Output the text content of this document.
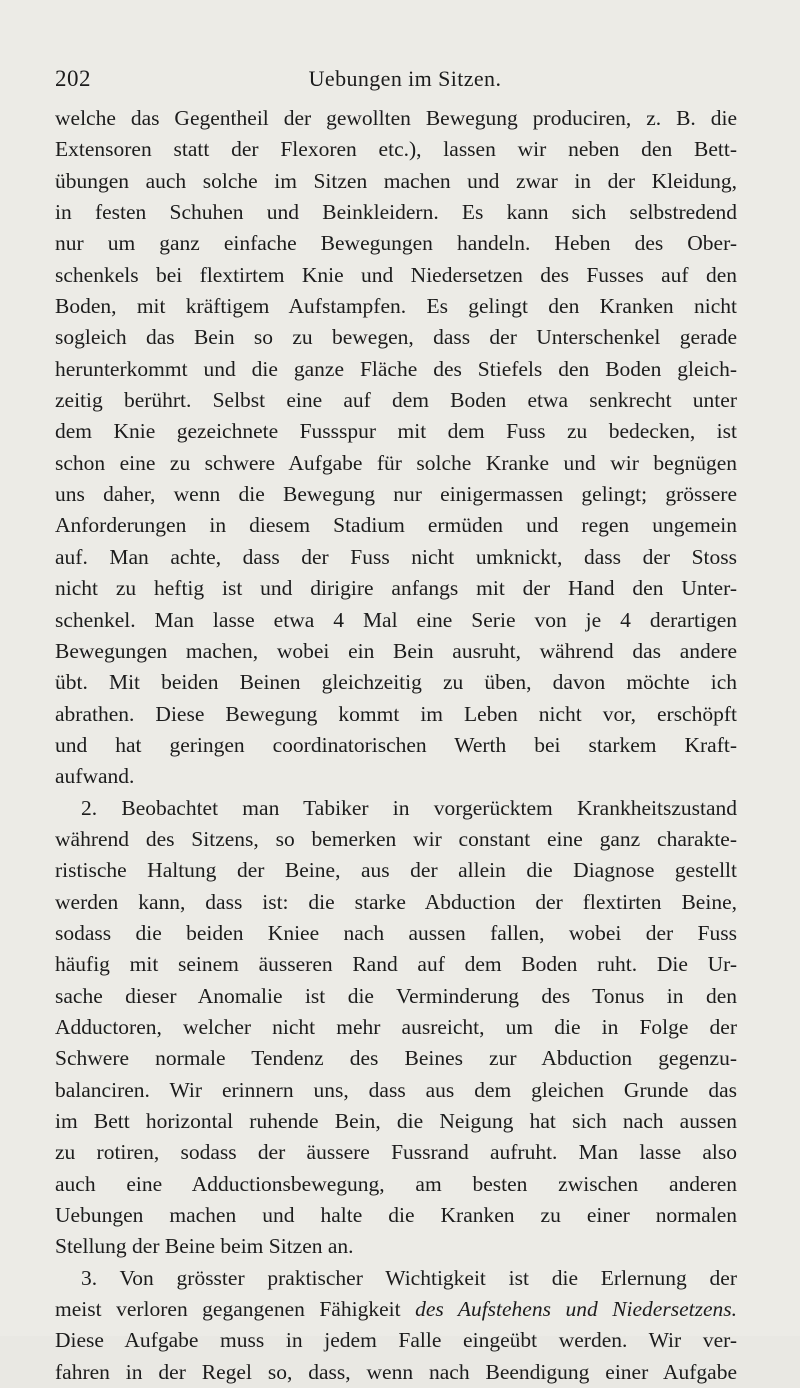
202	Uebungen im Sitzen.
welche das Gegentheil der gewollten Bewegung produciren, z. B. die
Extensoren statt der Flexoren etc.), lassen wir neben den Bett-
übungen auch solche im Sitzen machen und zwar in der Kleidung,
in festen Schuhen und Beinkleidern. Es kann sich selbstredend
nur um ganz einfache Bewegungen handeln. Heben des Ober-
schenkels bei flextirtem Knie und Niedersetzen des Fusses auf den
Boden, mit kräftigem Aufstampfen. Es gelingt den Kranken nicht
sogleich das Bein so zu bewegen, dass der Unterschenkel gerade
herunterkommt und die ganze Fläche des Stiefels den Boden gleich-
zeitig berührt. Selbst eine auf dem Boden etwa senkrecht unter
dem Knie gezeichnete Fussspur mit dem Fuss zu bedecken, ist
schon eine zu schwere Aufgabe für solche Kranke und wir begnügen
uns daher, wenn die Bewegung nur einigermassen gelingt; grössere
Anforderungen in diesem Stadium ermüden und regen ungemein
auf. Man achte, dass der Fuss nicht umknickt, dass der Stoss
nicht zu heftig ist und dirigire anfangs mit der Hand den Unter-
schenkel. Man lasse etwa 4 Mal eine Serie von je 4 derartigen
Bewegungen machen, wobei ein Bein ausruht, während das andere
übt. Mit beiden Beinen gleichzeitig zu üben, davon möchte ich
abrathen. Diese Bewegung kommt im Leben nicht vor, erschöpft
und hat geringen coordinatorischen Werth bei starkem Kraft-
aufwand.
2. Beobachtet man Tabiker in vorgerücktem Krankheitszustand
während des Sitzens, so bemerken wir constant eine ganz charakte-
ristische Haltung der Beine, aus der allein die Diagnose gestellt
werden kann, dass ist: die starke Abduction der flextirten Beine,
sodass die beiden Kniee nach aussen fallen, wobei der Fuss
häufig mit seinem äusseren Rand auf dem Boden ruht. Die Ur-
sache dieser Anomalie ist die Verminderung des Tonus in den
Adductoren, welcher nicht mehr ausreicht, um die in Folge der
Schwere normale Tendenz des Beines zur Abduction gegenzu-
balanciren. Wir erinnern uns, dass aus dem gleichen Grunde das
im Bett horizontal ruhende Bein, die Neigung hat sich nach aussen
zu rotiren, sodass der äussere Fussrand aufruht. Man lasse also
auch eine Adductionsbewegung, am besten zwischen anderen
Uebungen machen und halte die Kranken zu einer normalen
Stellung der Beine beim Sitzen an.
3. Von grösster praktischer Wichtigkeit ist die Erlernung der
meist verloren gegangenen Fähigkeit des Aufstehens und Niedersetzens.
Diese Aufgabe muss in jedem Falle eingeübt werden. Wir ver-
fahren in der Regel so, dass, wenn nach Beendigung einer Aufgabe
